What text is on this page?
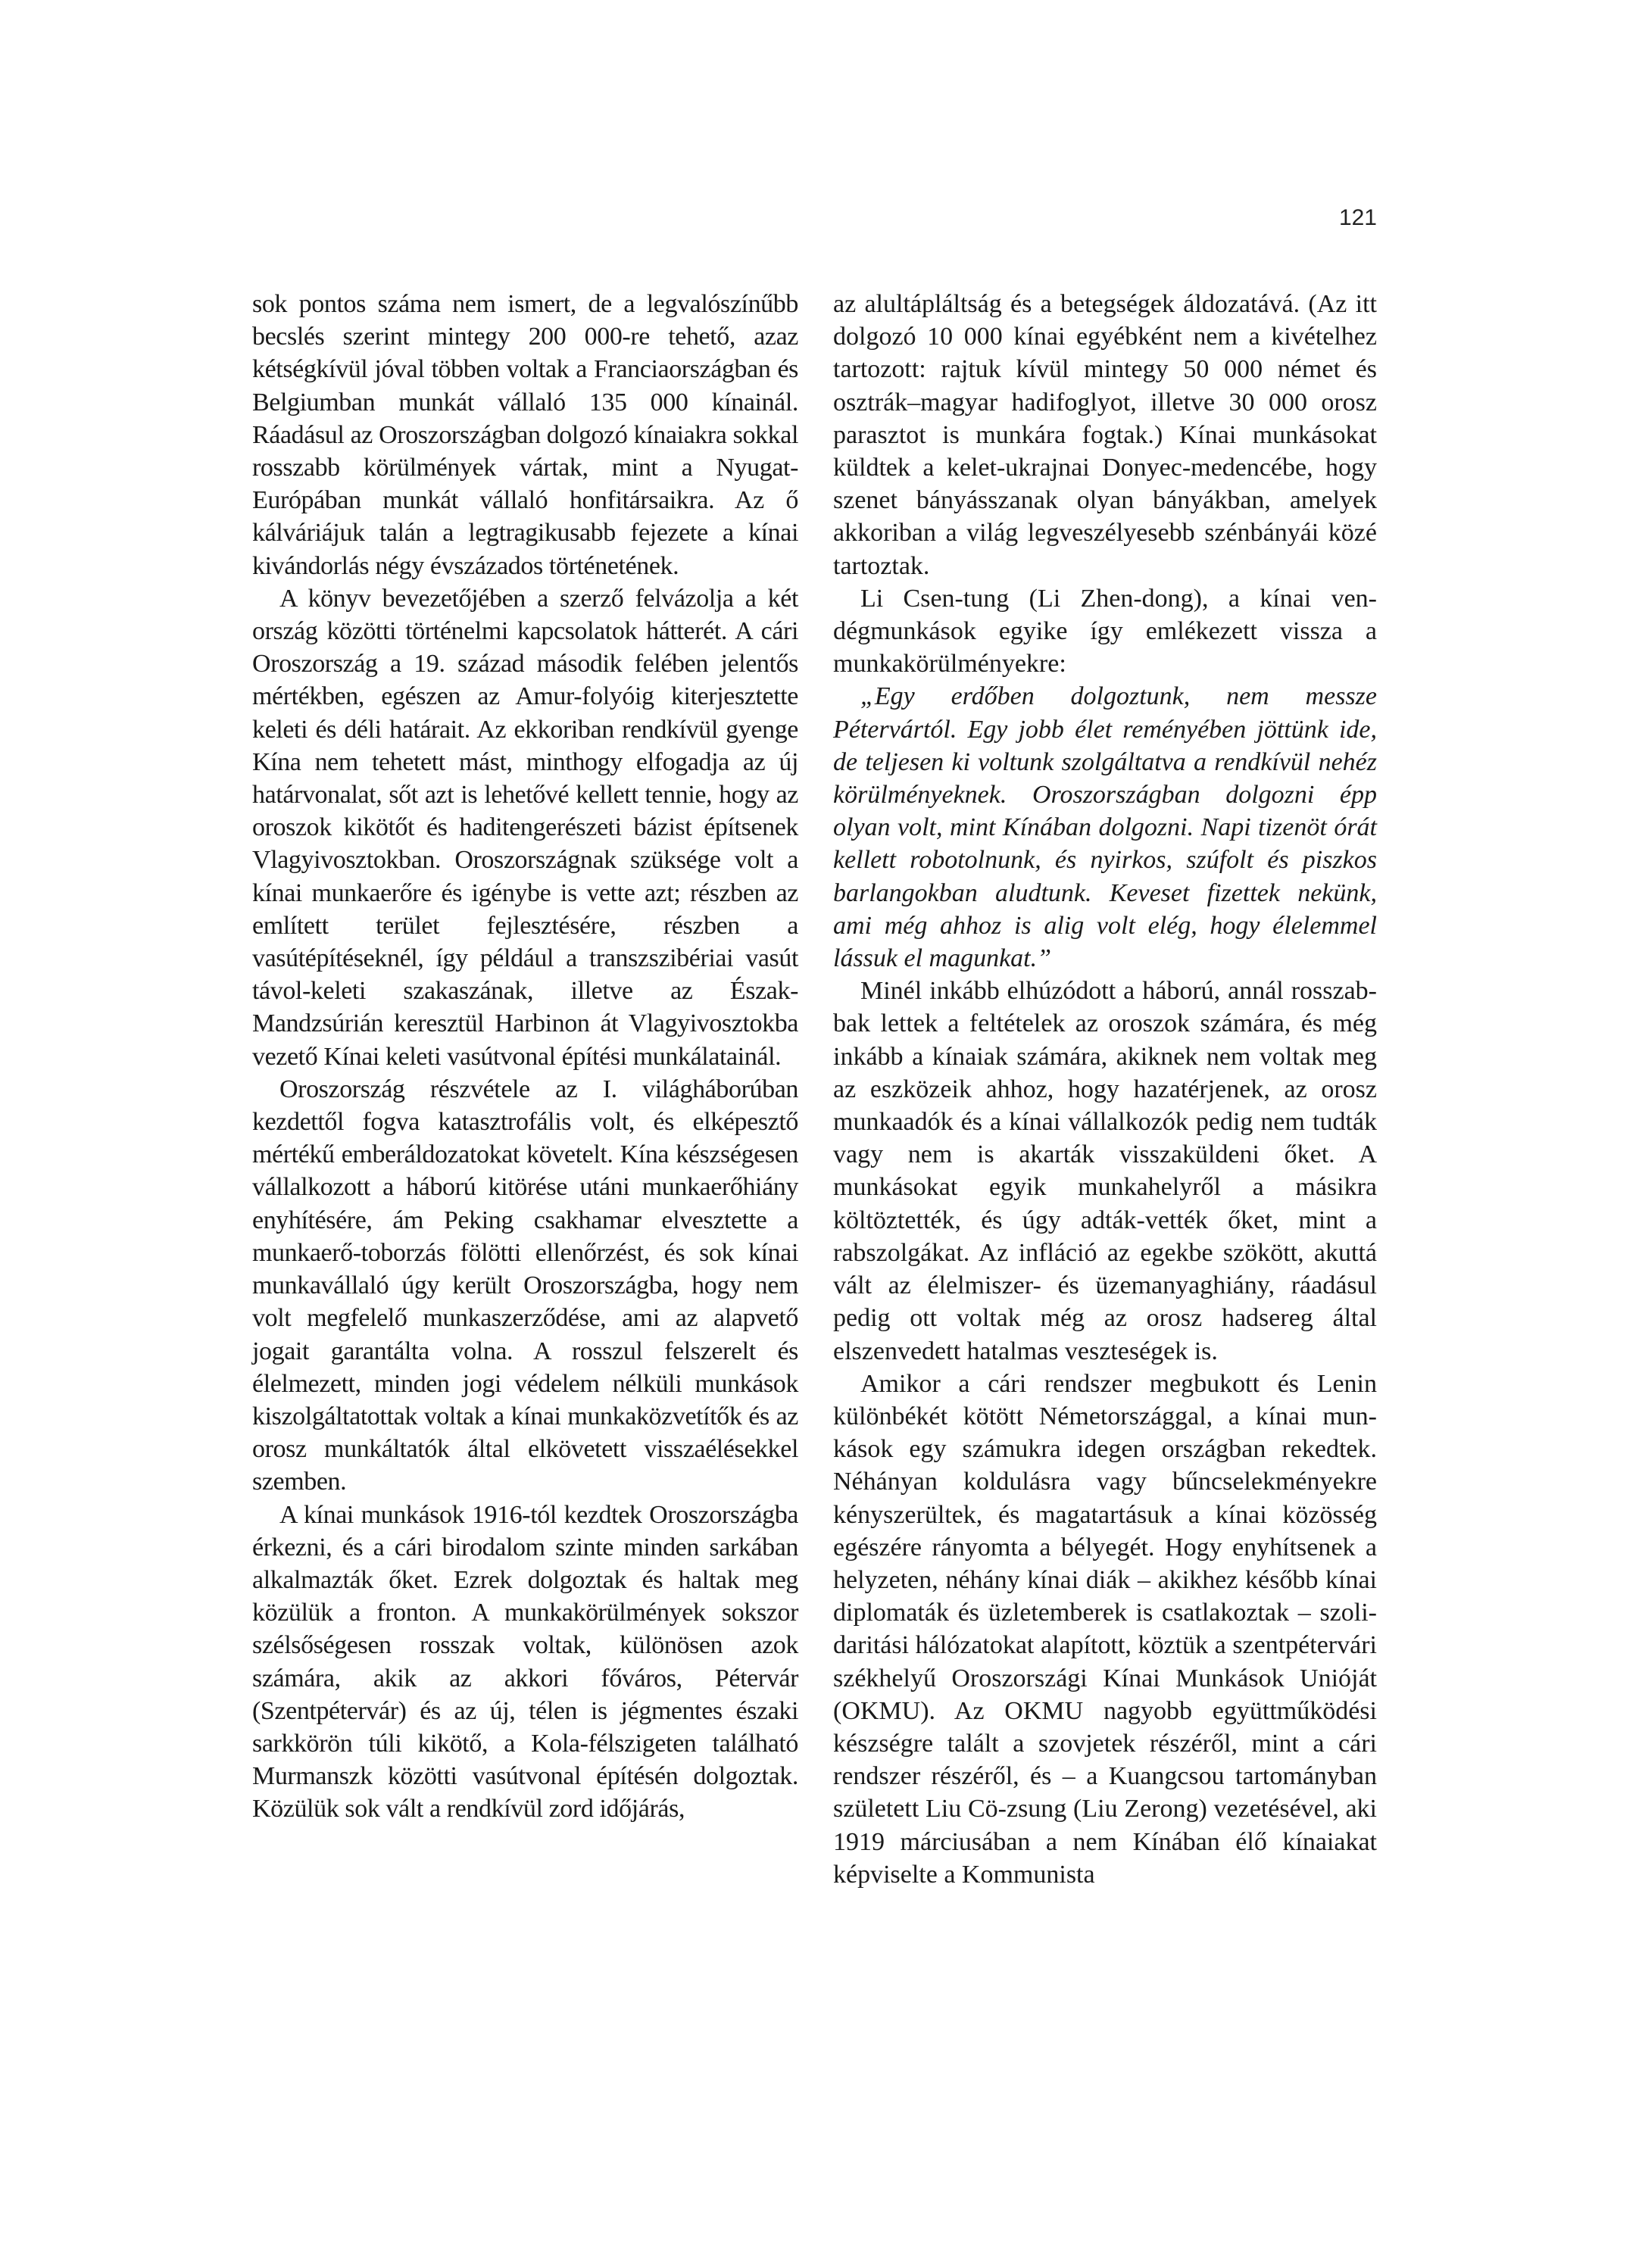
121

sok pontos száma nem ismert, de a legvalószínűbb becslés szerint mintegy 200 000-re tehető, azaz kétségkívül jóval többen voltak a Franciaországban és Belgiumban munkát vállaló 135 000 kínainál. Ráadásul az Oroszországban dolgozó kínaiakra sokkal rosszabb körülmények vártak, mint a Nyugat-Európában munkát vállaló honfitársaikra. Az ő kálváriájuk talán a legtragikusabb fejezete a kínai kivándorlás négy évszázados történetének.

A könyv bevezetőjében a szerző felvázolja a két ország közötti történelmi kapcsolatok hátterét. A cári Oroszország a 19. század második felében jelentős mértékben, egészen az Amur-folyóig kiterjesztette keleti és déli határait. Az ekkoriban rendkívül gyenge Kína nem tehetett mást, minthogy elfogadja az új határvonalat, sőt azt is lehetővé kellett tennie, hogy az oroszok kikötőt és haditengerészeti bázist építsenek Vlagyivosztokban. Oroszországnak szüksége volt a kínai munkaerőre és igénybe is vette azt; részben az említett terület fejlesztésére, részben a vasútépítéseknél, így például a transzszibériai vasút távol-keleti szakaszának, illetve az Észak-Mandzsúrián keresztül Harbinon át Vlagyivosztokba vezető Kínai keleti vasútvonal építési munkálatainál.

Oroszország részvétele az I. világháborúban kezdettől fogva katasztrofális volt, és elképesztő mértékű emberáldozatokat követelt. Kína készségesen vállalkozott a háború kitörése utáni munkaerőhiány enyhítésére, ám Peking csakhamar elvesztette a munkaerő-toborzás fölötti ellenőrzést, és sok kínai munkavállaló úgy került Oroszországba, hogy nem volt megfelelő munkaszerződése, ami az alapvető jogait garantálta volna. A rosszul felszerelt és élelmezett, minden jogi védelem nélküli munkások kiszolgáltatottak voltak a kínai munkaközvetítők és az orosz munkáltatók által elkövetett visszaélésekkel szemben.

A kínai munkások 1916-tól kezdtek Oroszországba érkezni, és a cári birodalom szinte minden sarkában alkalmazták őket. Ezrek dolgoztak és haltak meg közülük a fronton. A munkakörülmények sokszor szélsőségesen rosszak voltak, különösen azok számára, akik az akkori főváros, Pétervár (Szentpétervár) és az új, télen is jégmentes északi sarkkörön túli kikötő, a Kola-félszigeten található Murmanszk közötti vasútvonal építésén dolgoztak. Közülük sok vált a rendkívül zord időjárás,

az alultápláltság és a betegségek áldozatává. (Az itt dolgozó 10 000 kínai egyébként nem a kivételhez tartozott: rajtuk kívül mintegy 50 000 német és osztrák–magyar hadifoglyot, illetve 30 000 orosz parasztot is munkára fogtak.) Kínai munkásokat küldtek a kelet-ukrajnai Donyec-medencébe, hogy szenet bányásszanak olyan bányákban, amelyek akkoriban a világ legveszélyesebb szénbányái közé tartoztak.

Li Csen-tung (Li Zhen-dong), a kínai vendégmunkások egyike így emlékezett vissza a munkakörülményekre:

„Egy erdőben dolgoztunk, nem messze Pétervártól. Egy jobb élet reményében jöttünk ide, de teljesen ki voltunk szolgáltatva a rendkívül nehéz körülményeknek. Oroszországban dolgozni épp olyan volt, mint Kínában dolgozni. Napi tizenöt órát kellett robotolnunk, és nyirkos, szúfolt és piszkos barlangokban aludtunk. Keveset fizettek nekünk, ami még ahhoz is alig volt elég, hogy élelemmel lássuk el magunkat.”

Minél inkább elhúzódott a háború, annál rosszabbak lettek a feltételek az oroszok számára, és még inkább a kínaiak számára, akiknek nem voltak meg az eszközeik ahhoz, hogy hazatérjenek, az orosz munkaadók és a kínai vállalkozók pedig nem tudták vagy nem is akarták visszaküldeni őket. A munkásokat egyik munkahelyről a másikra költöztették, és úgy adták-vették őket, mint a rabszolgákat. Az infláció az egekbe szökött, akuttá vált az élelmiszer- és üzemanyaghiány, ráadásul pedig ott voltak még az orosz hadsereg által elszenvedett hatalmas veszteségek is.

Amikor a cári rendszer megbukott és Lenin különbékét kötött Németországgal, a kínai munkások egy számukra idegen országban rekedtek. Néhányan koldulásra vagy bűncselekményekre kényszerültek, és magatartásuk a kínai közösség egészére rányomta a bélyegét. Hogy enyhítsenek a helyzeten, néhány kínai diák – akikhez később kínai diplomaták és üzletemberek is csatlakoztak – szolidaritási hálózatokat alapított, köztük a szentpétervári székhelyű Oroszországi Kínai Munkások Unióját (OKMU). Az OKMU nagyobb együttműködési készségre talált a szovjetek részéről, mint a cári rendszer részéről, és – a Kuangcsou tartományban született Liu Cö-zsung (Liu Zerong) vezetésével, aki 1919 márciusában a nem Kínában élő kínaiakat képviselte a Kommunista
